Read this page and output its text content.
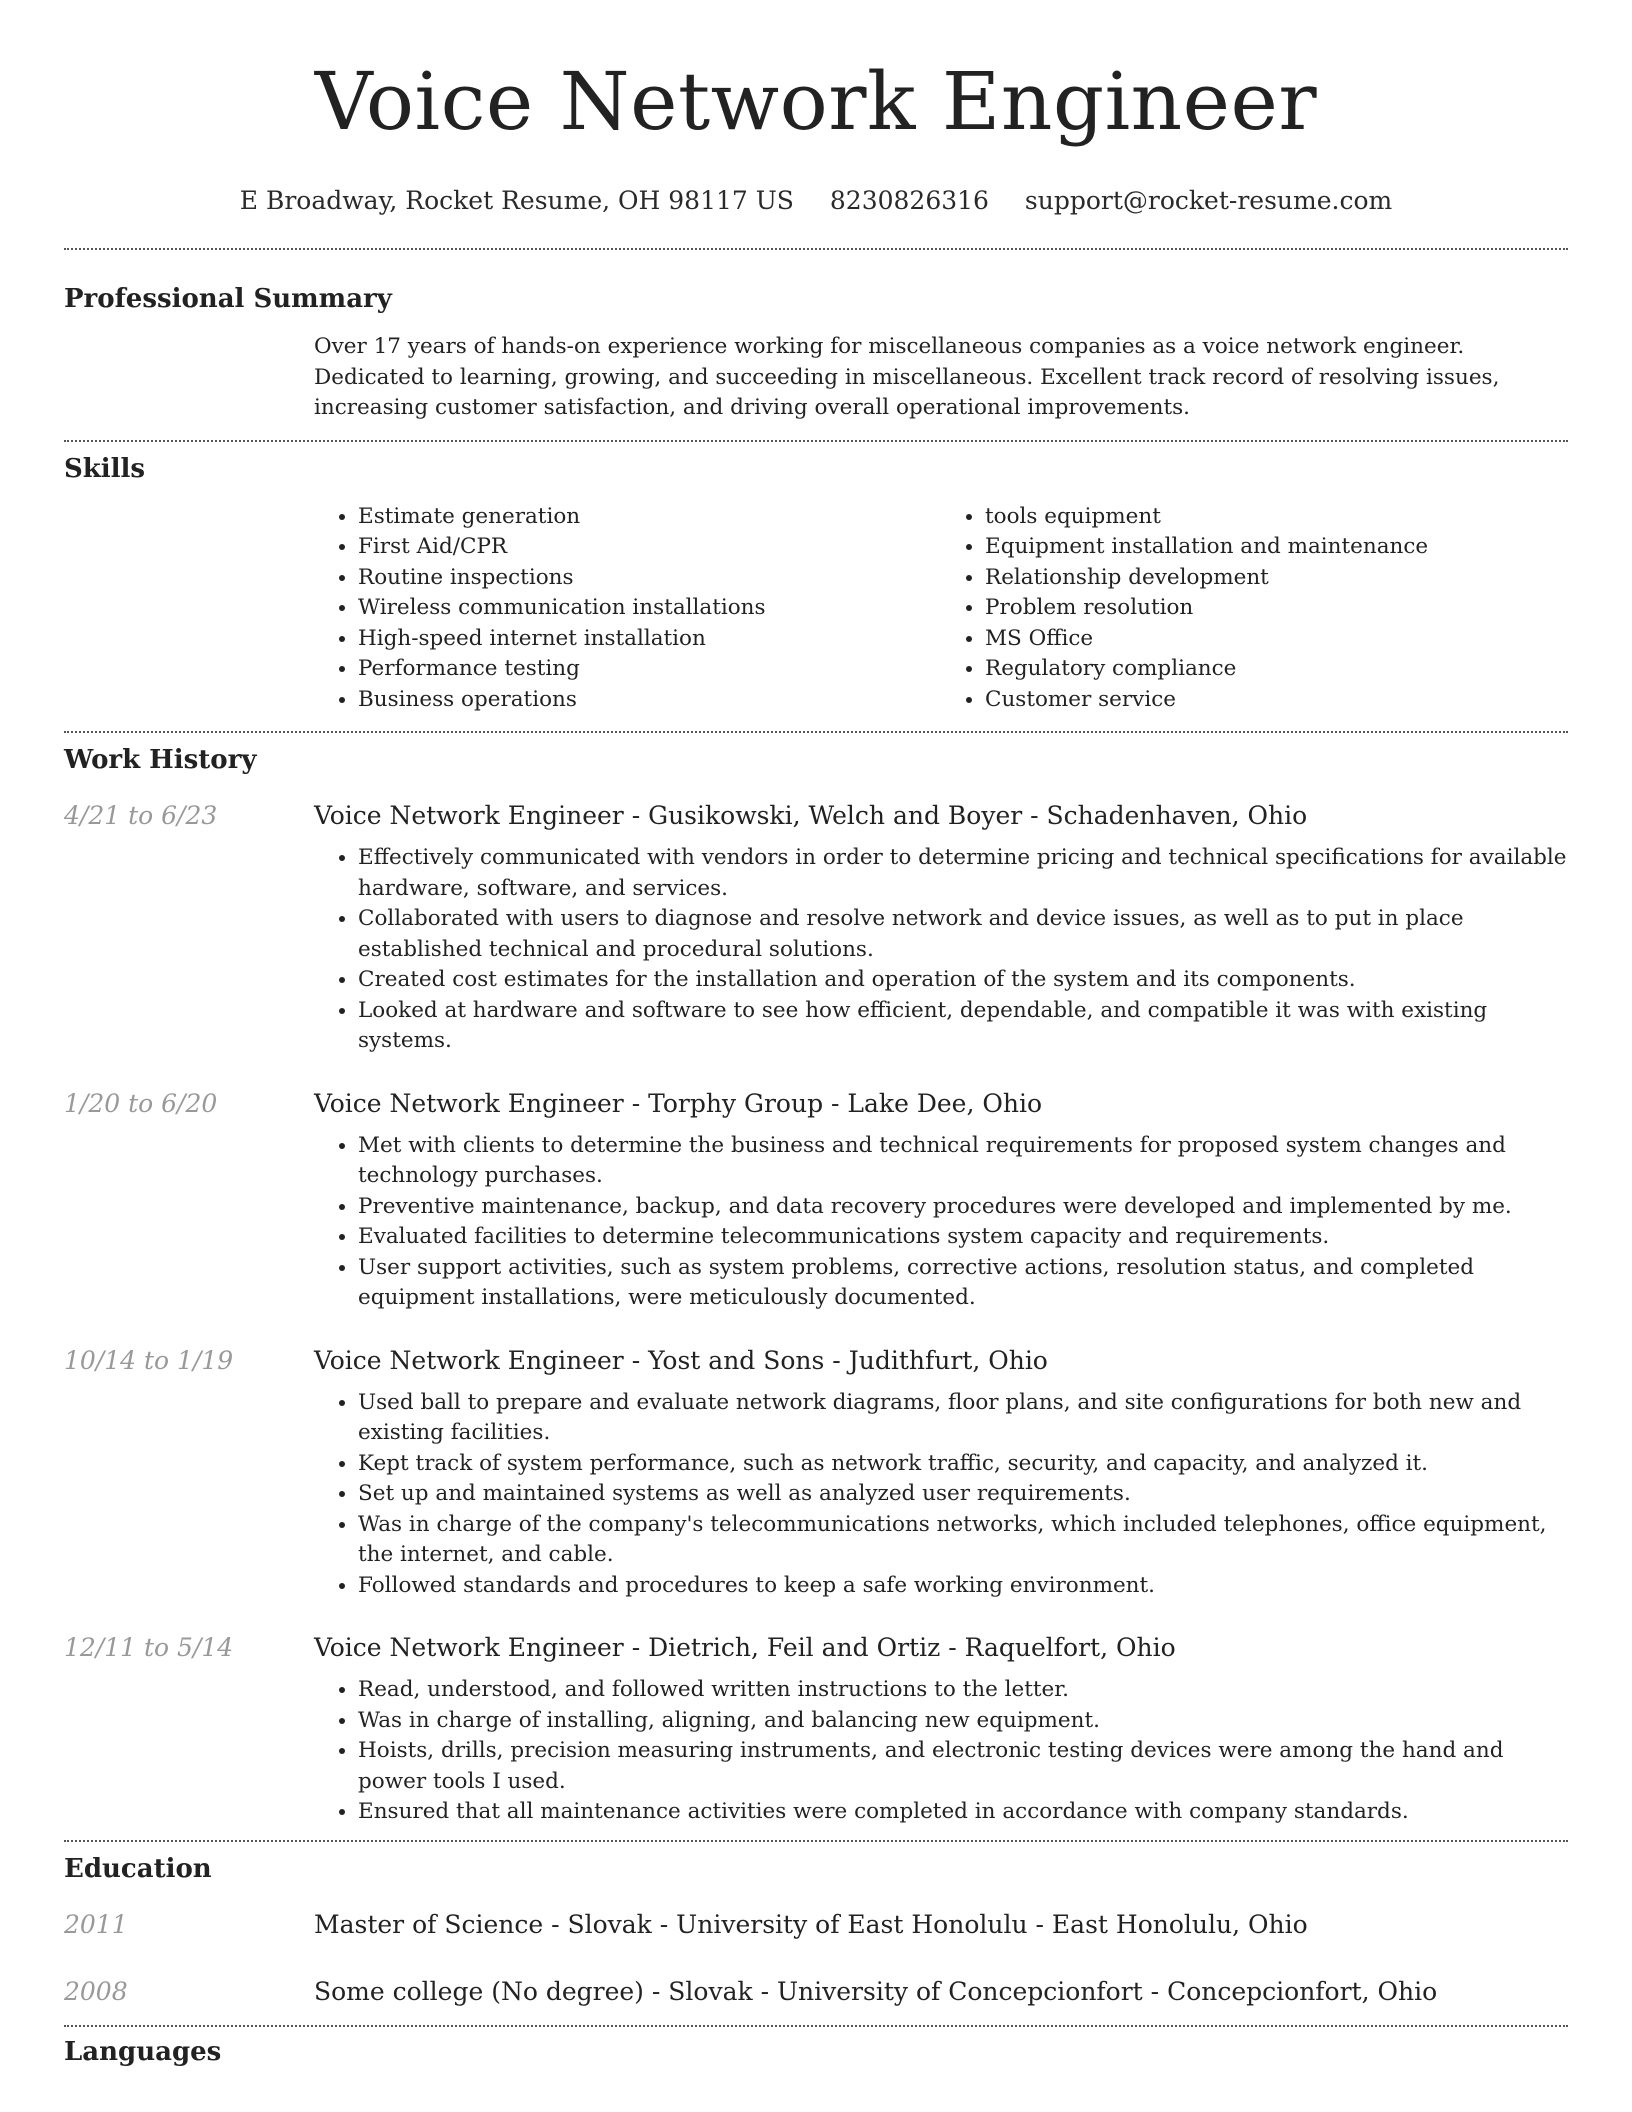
Voice Network Engineer
E Broadway, Rocket Resume, OH 98117 US 8230826316 support@rocket-resume.com
Professional Summary

Over 17 years of hands-on experience working for miscellaneous companies as a voice network engineer. Dedicated to learning, growing, and succeeding in miscellaneous. Excellent track record of resolving issues, increasing customer satisfaction, and driving overall operational improvements.

Skills
• Estimate generation
• First Aid/CPR
• Routine inspections
• Wireless communication installations
• High-speed internet installation
• Performance testing
• Business operations
• tools equipment
• Equipment installation and maintenance
• Relationship development
• Problem resolution
• MS Office
• Regulatory compliance
• Customer service
Work History
4/21 to 6/23	Voice Network Engineer - Gusikowski, Welch and Boyer - Schadenhaven, Ohio
• Effectively communicated with vendors in order to determine pricing and technical specifications for available hardware, software, and services.
• Collaborated with users to diagnose and resolve network and device issues, as well as to put in place established technical and procedural solutions.
• Created cost estimates for the installation and operation of the system and its components.
• Looked at hardware and software to see how efficient, dependable, and compatible it was with existing systems.
1/20 to 6/20	Voice Network Engineer - Torphy Group - Lake Dee, Ohio
• Met with clients to determine the business and technical requirements for proposed system changes and technology purchases.
• Preventive maintenance, backup, and data recovery procedures were developed and implemented by me.
• Evaluated facilities to determine telecommunications system capacity and requirements.
• User support activities, such as system problems, corrective actions, resolution status, and completed equipment installations, were meticulously documented.
10/14 to 1/19	Voice Network Engineer - Yost and Sons - Judithfurt, Ohio
• Used ball to prepare and evaluate network diagrams, floor plans, and site configurations for both new and existing facilities.
• Kept track of system performance, such as network traffic, security, and capacity, and analyzed it.
• Set up and maintained systems as well as analyzed user requirements.
• Was in charge of the company's telecommunications networks, which included telephones, office equipment, the internet, and cable.
• Followed standards and procedures to keep a safe working environment.
12/11 to 5/14	Voice Network Engineer - Dietrich, Feil and Ortiz - Raquelfort, Ohio
• Read, understood, and followed written instructions to the letter.
• Was in charge of installing, aligning, and balancing new equipment.
• Hoists, drills, precision measuring instruments, and electronic testing devices were among the hand and power tools I used.
• Ensured that all maintenance activities were completed in accordance with company standards.
Education
2011	Master of Science - Slovak - University of East Honolulu - East Honolulu, Ohio
2008	Some college (No degree) - Slovak - University of Concepcionfort - Concepcionfort, Ohio
Languages
